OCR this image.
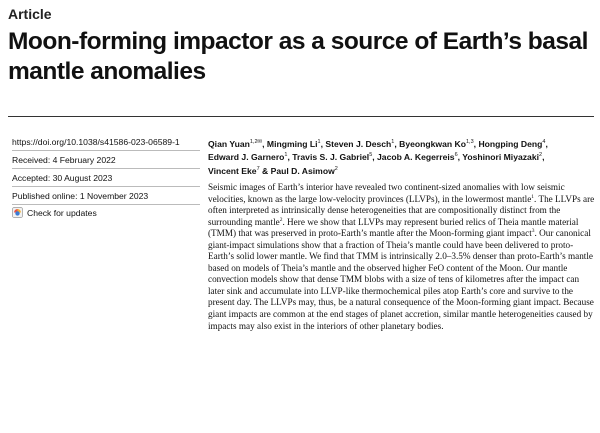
Article
Moon-forming impactor as a source of Earth’s basal mantle anomalies
https://doi.org/10.1038/s41586-023-06589-1
Received: 4 February 2022
Accepted: 30 August 2023
Published online: 1 November 2023
Check for updates
Qian Yuan$^{1,2✉}$, Mingming Li$^1$, Steven J. Desch$^1$, Byeongkwan Ko$^{1,3}$, Hongping Deng$^4$, Edward J. Garnero$^1$, Travis S. J. Gabriel$^5$, Jacob A. Kegerreis$^6$, Yoshinori Miyazaki$^2$, Vincent Eke$^7$ & Paul D. Asimow$^2$
Seismic images of Earth’s interior have revealed two continent-sized anomalies with low seismic velocities, known as the large low-velocity provinces (LLVPs), in the lowermost mantle$^1$. The LLVPs are often interpreted as intrinsically dense heterogeneities that are compositionally distinct from the surrounding mantle$^2$. Here we show that LLVPs may represent buried relics of Theia mantle material (TMM) that was preserved in proto-Earth’s mantle after the Moon-forming giant impact$^3$. Our canonical giant-impact simulations show that a fraction of Theia’s mantle could have been delivered to proto-Earth’s solid lower mantle. We find that TMM is intrinsically 2.0–3.5% denser than proto-Earth’s mantle based on models of Theia’s mantle and the observed higher FeO content of the Moon. Our mantle convection models show that dense TMM blobs with a size of tens of kilometres after the impact can later sink and accumulate into LLVP-like thermochemical piles atop Earth’s core and survive to the present day. The LLVPs may, thus, be a natural consequence of the Moon-forming giant impact. Because giant impacts are common at the end stages of planet accretion, similar mantle heterogeneities caused by impacts may also exist in the interiors of other planetary bodies.
